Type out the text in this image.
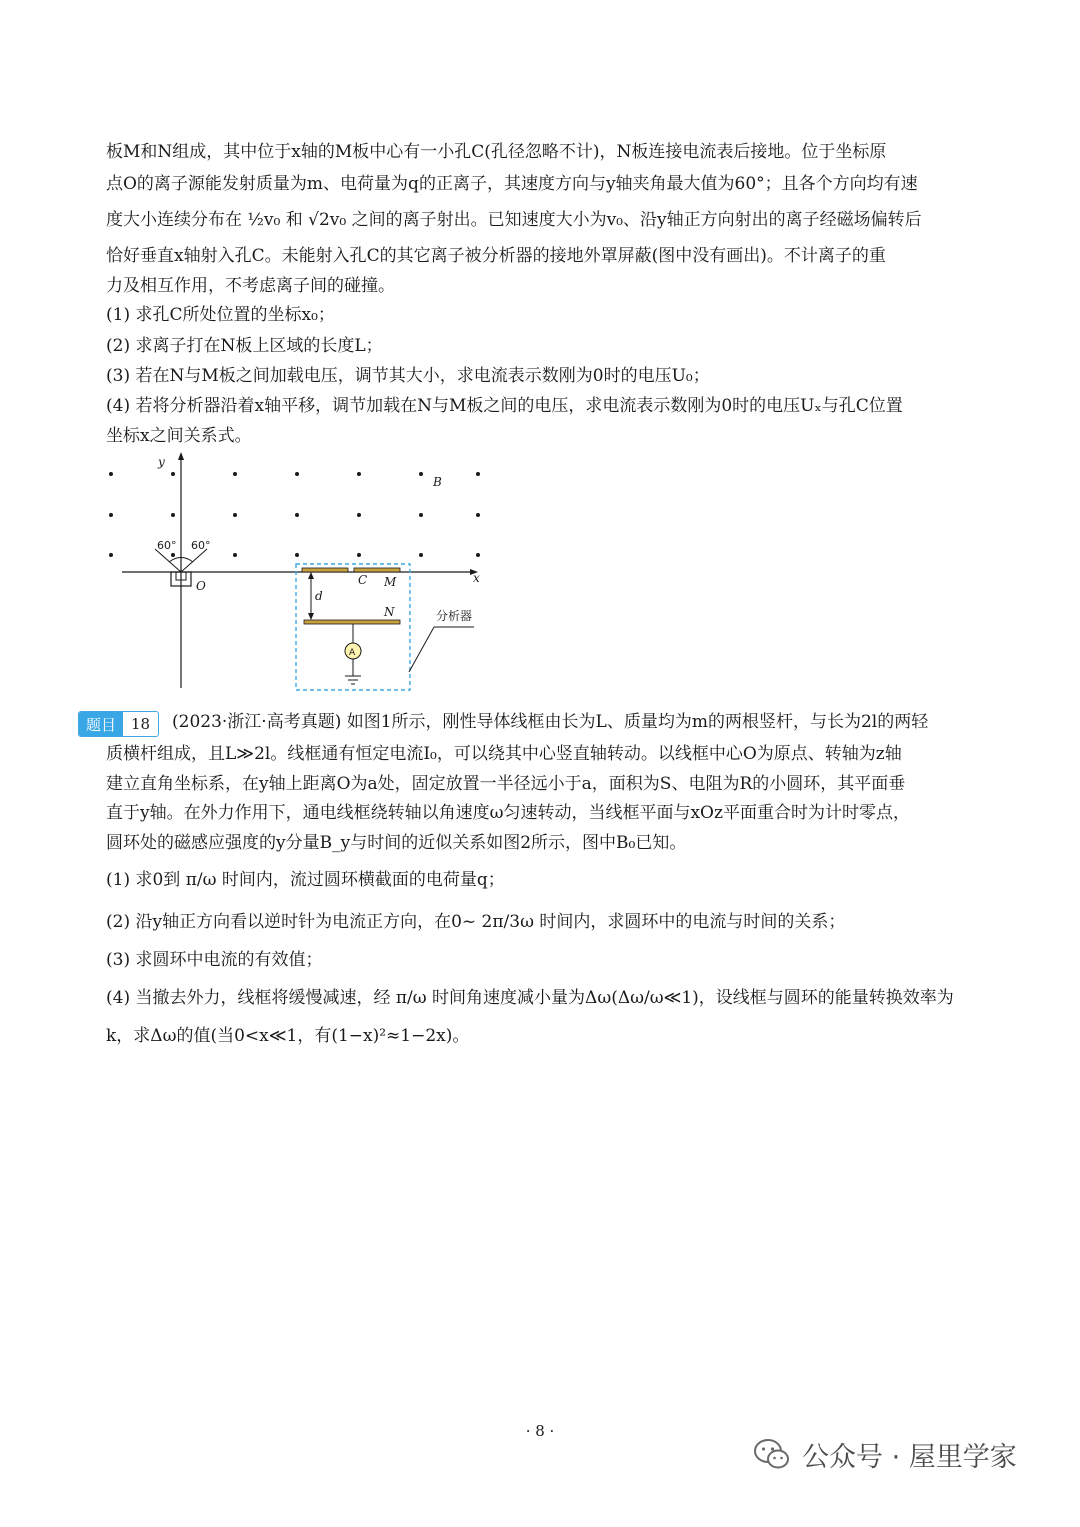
板M和N组成，其中位于x轴的M板中心有一小孔C(孔径忽略不计)，N板连接电流表后接地。位于坐标原
点O的离子源能发射质量为m、电荷量为q的正离子，其速度方向与y轴夹角最大值为60°；且各个方向均有速
度大小连续分布在 ½v₀ 和 √2v₀ 之间的离子射出。已知速度大小为v₀、沿y轴正方向射出的离子经磁场偏转后
恰好垂直x轴射入孔C。未能射入孔C的其它离子被分析器的接地外罩屏蔽(图中没有画出)。不计离子的重
力及相互作用，不考虑离子间的碰撞。
(1) 求孔C所处位置的坐标x₀；
(2) 求离子打在N板上区域的长度L；
(3) 若在N与M板之间加载电压，调节其大小，求电流表示数刚为0时的电压U₀；
(4) 若将分析器沿着x轴平移，调节加载在N与M板之间的电压，求电流表示数刚为0时的电压Uₓ与孔C位置
坐标x之间关系式。
y
x
B
O	C M
N
d
60° 60°
A
分析器
题目	18	(2023·浙江·高考真题) 如图1所示，刚性导体线框由长为L、质量均为m的两根竖杆，与长为2l的两轻
质横杆组成，且L≫2l。线框通有恒定电流I₀，可以绕其中心竖直轴转动。以线框中心O为原点、转轴为z轴
建立直角坐标系，在y轴上距离O为a处，固定放置一半径远小于a，面积为S、电阻为R的小圆环，其平面垂
直于y轴。在外力作用下，通电线框绕转轴以角速度ω匀速转动，当线框平面与xOz平面重合时为计时零点，
圆环处的磁感应强度的y分量B_y与时间的近似关系如图2所示，图中B₀已知。
(1) 求0到 π/ω 时间内，流过圆环横截面的电荷量q；
(2) 沿y轴正方向看以逆时针为电流正方向，在0~ 2π/3ω 时间内，求圆环中的电流与时间的关系；
(3) 求圆环中电流的有效值；
(4) 当撤去外力，线框将缓慢减速，经 π/ω 时间角速度减小量为Δω(Δω/ω≪1)，设线框与圆环的能量转换效率为
k，求Δω的值(当0<x≪1，有(1−x)²≈1−2x)。
· 8 ·
公众号 · 屋里学家
